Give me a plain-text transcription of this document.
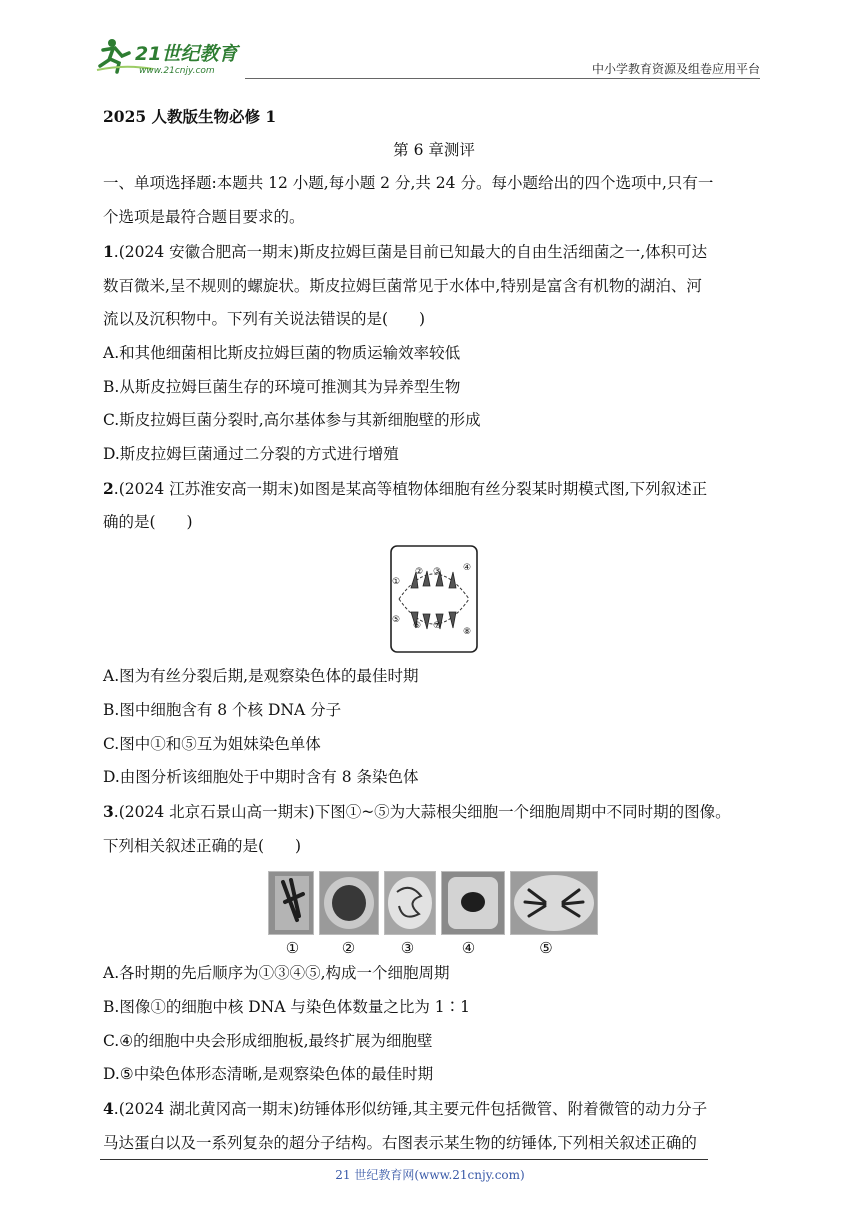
21世纪教育
www.21cnjy.com	中小学教育资源及组卷应用平台
2025 人教版生物必修 1
第 6 章测评
一、单项选择题:本题共 12 小题,每小题 2 分,共 24 分。每小题给出的四个选项中,只有一
个选项是最符合题目要求的。
1.(2024 安徽合肥高一期末)斯皮拉姆巨菌是目前已知最大的自由生活细菌之一,体积可达
数百微米,呈不规则的螺旋状。斯皮拉姆巨菌常见于水体中,特别是富含有机物的湖泊、河
流以及沉积物中。下列有关说法错误的是(　　)
A.和其他细菌相比斯皮拉姆巨菌的物质运输效率较低
B.从斯皮拉姆巨菌生存的环境可推测其为异养型生物
C.斯皮拉姆巨菌分裂时,高尔基体参与其新细胞壁的形成
D.斯皮拉姆巨菌通过二分裂的方式进行增殖
2.(2024 江苏淮安高一期末)如图是某高等植物体细胞有丝分裂某时期模式图,下列叙述正
确的是(　　)
①
② ③ ④
⑤
⑥ ⑦
⑧
A.图为有丝分裂后期,是观察染色体的最佳时期
B.图中细胞含有 8 个核 DNA 分子
C.图中①和⑤互为姐妹染色单体
D.由图分析该细胞处于中期时含有 8 条染色体
3.(2024 北京石景山高一期末)下图①~⑤为大蒜根尖细胞一个细胞周期中不同时期的图像。
下列相关叙述正确的是(　　)
①	②	③	④	⑤
A.各时期的先后顺序为①③④⑤,构成一个细胞周期
B.图像①的细胞中核 DNA 与染色体数量之比为 1∶1
C.④的细胞中央会形成细胞板,最终扩展为细胞壁
D.⑤中染色体形态清晰,是观察染色体的最佳时期
4.(2024 湖北黄冈高一期末)纺锤体形似纺锤,其主要元件包括微管、附着微管的动力分子
马达蛋白以及一系列复杂的超分子结构。右图表示某生物的纺锤体,下列相关叙述正确的
21 世纪教育网(www.21cnjy.com)
